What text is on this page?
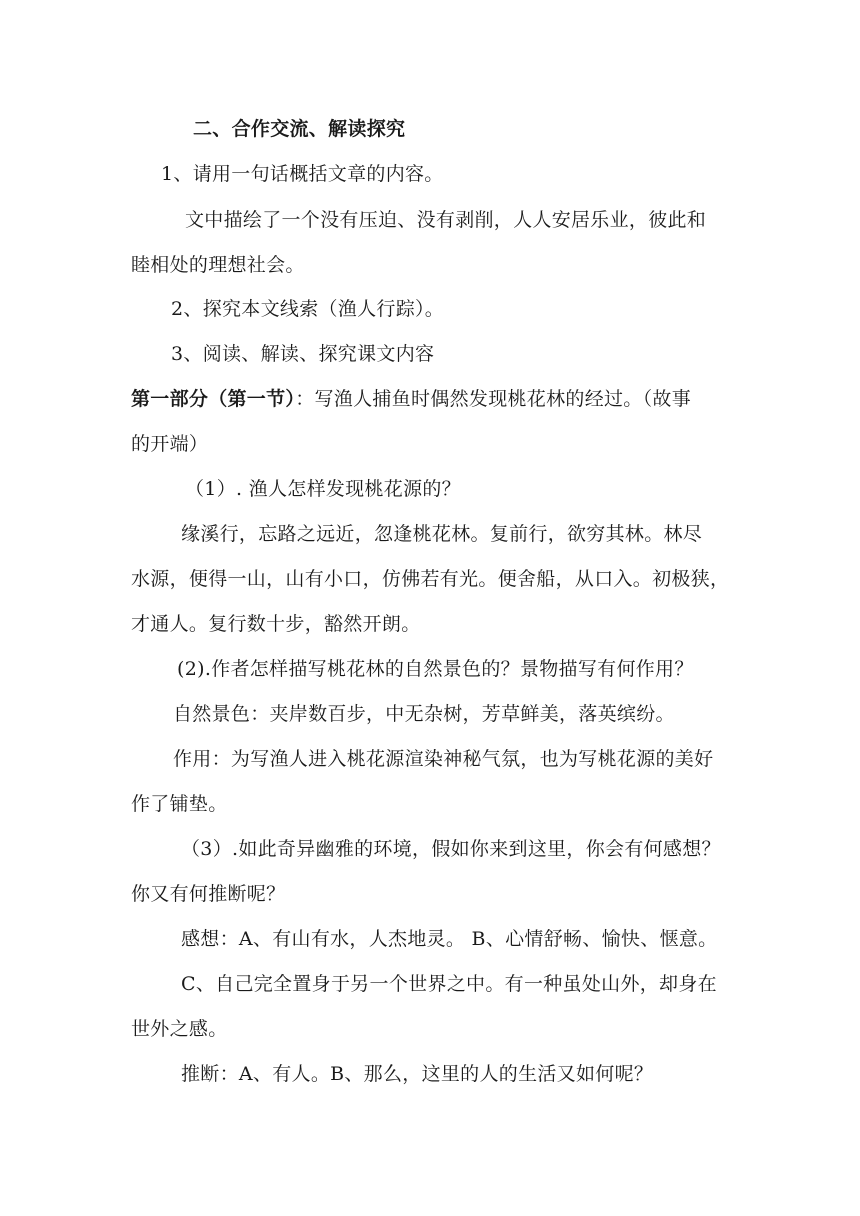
二、合作交流、解读探究

1、请用一句话概括文章的内容。

文中描绘了一个没有压迫、没有剥削，人人安居乐业，彼此和

睦相处的理想社会。

2、探究本文线索（渔人行踪）。

3、阅读、解读、探究课文内容

第一部分（第一节）：写渔人捕鱼时偶然发现桃花林的经过。（故事

的开端）

（1）. 渔人怎样发现桃花源的？

缘溪行，忘路之远近，忽逢桃花林。复前行，欲穷其林。林尽

水源，便得一山，山有小口，仿佛若有光。便舍船，从口入。初极狭，

才通人。复行数十步，豁然开朗。

(2).作者怎样描写桃花林的自然景色的？景物描写有何作用？

自然景色：夹岸数百步，中无杂树，芳草鲜美，落英缤纷。

作用：为写渔人进入桃花源渲染神秘气氛，也为写桃花源的美好

作了铺垫。

（3）.如此奇异幽雅的环境，假如你来到这里，你会有何感想？

你又有何推断呢？

感想：A、有山有水，人杰地灵。 B、心情舒畅、愉快、惬意。

C、自己完全置身于另一个世界之中。有一种虽处山外，却身在

世外之感。

推断：A、有人。B、那么，这里的人的生活又如何呢？
